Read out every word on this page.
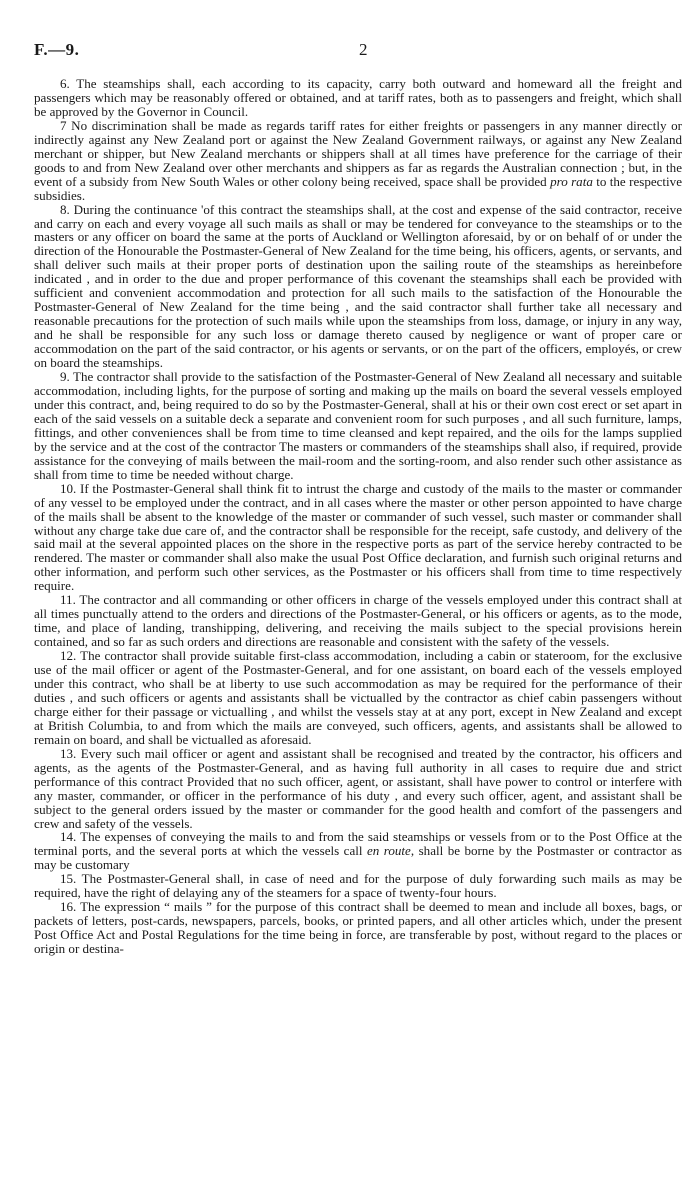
F.—9.	2

6. The steamships shall, each according to its capacity, carry both outward and homeward all the freight and passengers which may be reasonably offered or obtained, and at tariff rates, both as to passengers and freight, which shall be approved by the Governor in Council.

7 No discrimination shall be made as regards tariff rates for either freights or passengers in any manner directly or indirectly against any New Zealand port or against the New Zealand Government railways, or against any New Zealand merchant or shipper, but New Zealand merchants or shippers shall at all times have preference for the carriage of their goods to and from New Zealand over other merchants and shippers as far as regards the Australian connection ; but, in the event of a subsidy from New South Wales or other colony being received, space shall be provided pro rata to the respective subsidies.

8. During the continuance 'of this contract the steamships shall, at the cost and expense of the said contractor, receive and carry on each and every voyage all such mails as shall or may be tendered for conveyance to the steamships or to the masters or any officer on board the same at the ports of Auckland or Wellington aforesaid, by or on behalf of or under the direction of the Honourable the Postmaster-General of New Zealand for the time being, his officers, agents, or servants, and shall deliver such mails at their proper ports of destination upon the sailing route of the steamships as hereinbefore indicated , and in order to the due and proper performance of this covenant the steamships shall each be provided with sufficient and convenient accommodation and protection for all such mails to the satisfaction of the Honourable the Postmaster-General of New Zealand for the time being , and the said contractor shall further take all necessary and reasonable precautions for the protection of such mails while upon the steamships from loss, damage, or injury in any way, and he shall be responsible for any such loss or damage thereto caused by negligence or want of proper care or accommodation on the part of the said contractor, or his agents or servants, or on the part of the officers, employés, or crew on board the steamships.

9. The contractor shall provide to the satisfaction of the Postmaster-General of New Zealand all necessary and suitable accommodation, including lights, for the purpose of sorting and making up the mails on board the several vessels employed under this contract, and, being required to do so by the Postmaster-General, shall at his or their own cost erect or set apart in each of the said vessels on a suitable deck a separate and convenient room for such purposes , and all such furniture, lamps, fittings, and other conveniences shall be from time to time cleansed and kept repaired, and the oils for the lamps supplied by the service and at the cost of the contractor The masters or commanders of the steamships shall also, if required, provide assistance for the conveying of mails between the mail-room and the sorting-room, and also render such other assistance as shall from time to time be needed without charge.

10. If the Postmaster-General shall think fit to intrust the charge and custody of the mails to the master or commander of any vessel to be employed under the contract, and in all cases where the master or other person appointed to have charge of the mails shall be absent to the knowledge of the master or commander of such vessel, such master or commander shall without any charge take due care of, and the contractor shall be responsible for the receipt, safe custody, and delivery of the said mail at the several appointed places on the shore in the respective ports as part of the service hereby contracted to be rendered. The master or commander shall also make the usual Post Office declaration, and furnish such original returns and other information, and perform such other services, as the Postmaster or his officers shall from time to time respectively require.

11. The contractor and all commanding or other officers in charge of the vessels employed under this contract shall at all times punctually attend to the orders and directions of the Postmaster-General, or his officers or agents, as to the mode, time, and place of landing, transhipping, delivering, and receiving the mails subject to the special provisions herein contained, and so far as such orders and directions are reasonable and consistent with the safety of the vessels.

12. The contractor shall provide suitable first-class accommodation, including a cabin or stateroom, for the exclusive use of the mail officer or agent of the Postmaster-General, and for one assistant, on board each of the vessels employed under this contract, who shall be at liberty to use such accommodation as may be required for the performance of their duties , and such officers or agents and assistants shall be victualled by the contractor as chief cabin passengers without charge either for their passage or victualling , and whilst the vessels stay at at any port, except in New Zealand and except at British Columbia, to and from which the mails are conveyed, such officers, agents, and assistants shall be allowed to remain on board, and shall be victualled as aforesaid.

13. Every such mail officer or agent and assistant shall be recognised and treated by the contractor, his officers and agents, as the agents of the Postmaster-General, and as having full authority in all cases to require due and strict performance of this contract Provided that no such officer, agent, or assistant, shall have power to control or interfere with any master, commander, or officer in the performance of his duty , and every such officer, agent, and assistant shall be subject to the general orders issued by the master or commander for the good health and comfort of the passengers and crew and safety of the vessels.

14. The expenses of conveying the mails to and from the said steamships or vessels from or to the Post Office at the terminal ports, and the several ports at which the vessels call en route, shall be borne by the Postmaster or contractor as may be customary

15. The Postmaster-General shall, in case of need and for the purpose of duly forwarding such mails as may be required, have the right of delaying any of the steamers for a space of twenty-four hours.

16. The expression “ mails ” for the purpose of this contract shall be deemed to mean and include all boxes, bags, or packets of letters, post-cards, newspapers, parcels, books, or printed papers, and all other articles which, under the present Post Office Act and Postal Regulations for the time being in force, are transferable by post, without regard to the places or origin or destina-
